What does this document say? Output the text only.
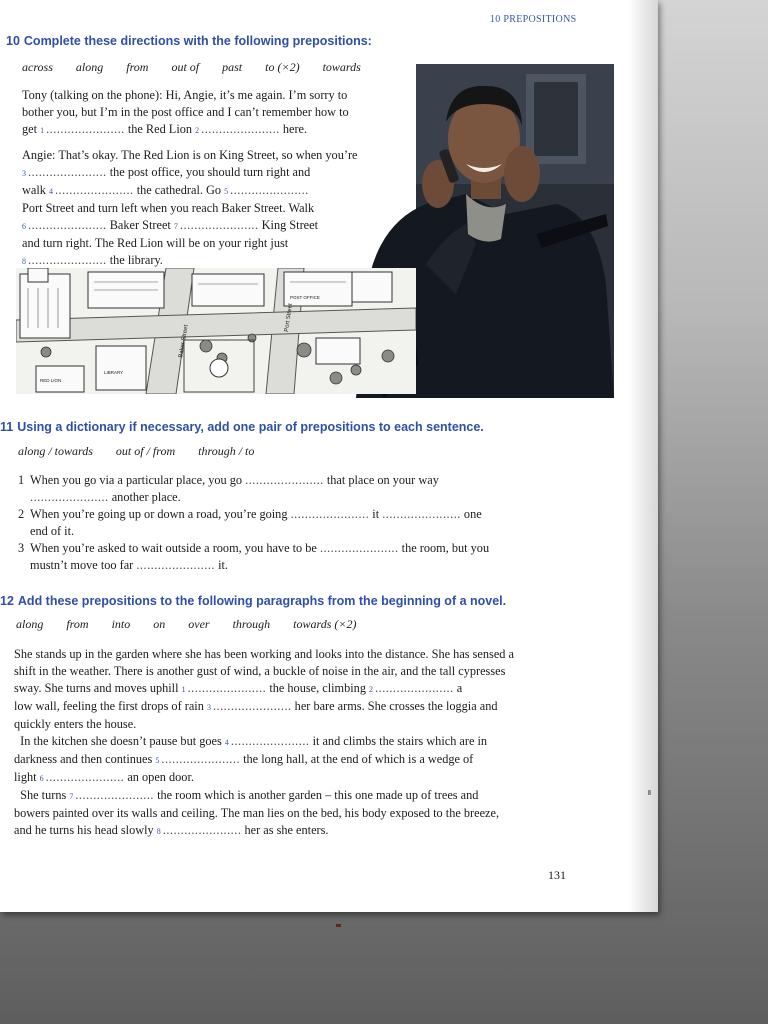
10 PREPOSITIONS
10 Complete these directions with the following prepositions:
across along from out of past to (×2) towards

Tony (talking on the phone): Hi, Angie, it’s me again. I’m sorry to
bother you, but I’m in the post office and I can’t remember how to
get 1 ...................... the Red Lion 2 ...................... here.

Angie: That’s okay. The Red Lion is on King Street, so when you’re
3 ...................... the post office, you should turn right and
walk 4 ...................... the cathedral. Go 5 ......................
Port Street and turn left when you reach Baker Street. Walk
6 ...................... Baker Street 7 ...................... King Street
and turn right. The Red Lion will be on your right just
8 ...................... the library.

Baker Street
Port Street
POST OFFICE
LIBRARY
RED LION
11 Using a dictionary if necessary, add one pair of prepositions to each sentence.
along / towards out of / from through / to
1 When you go via a particular place, you go ...................... that place on your way
...................... another place.
2 When you’re going up or down a road, you’re going ...................... it ...................... one
end of it.
3 When you’re asked to wait outside a room, you have to be ...................... the room, but you
mustn’t move too far ...................... it.
12 Add these prepositions to the following paragraphs from the beginning of a novel.
along from into on over through towards (×2)
She stands up in the garden where she has been working and looks into the distance. She has sensed a
shift in the weather. There is another gust of wind, a buckle of noise in the air, and the tall cypresses
sway. She turns and moves uphill 1 ...................... the house, climbing 2 ...................... a
low wall, feeling the first drops of rain 3 ...................... her bare arms. She crosses the loggia and
quickly enters the house.
In the kitchen she doesn’t pause but goes 4 ...................... it and climbs the stairs which are in
darkness and then continues 5 ...................... the long hall, at the end of which is a wedge of
light 6 ...................... an open door.
She turns 7 ...................... the room which is another garden – this one made up of trees and
bowers painted over its walls and ceiling. The man lies on the bed, his body exposed to the breeze,
and he turns his head slowly 8 ...................... her as she enters.
131
